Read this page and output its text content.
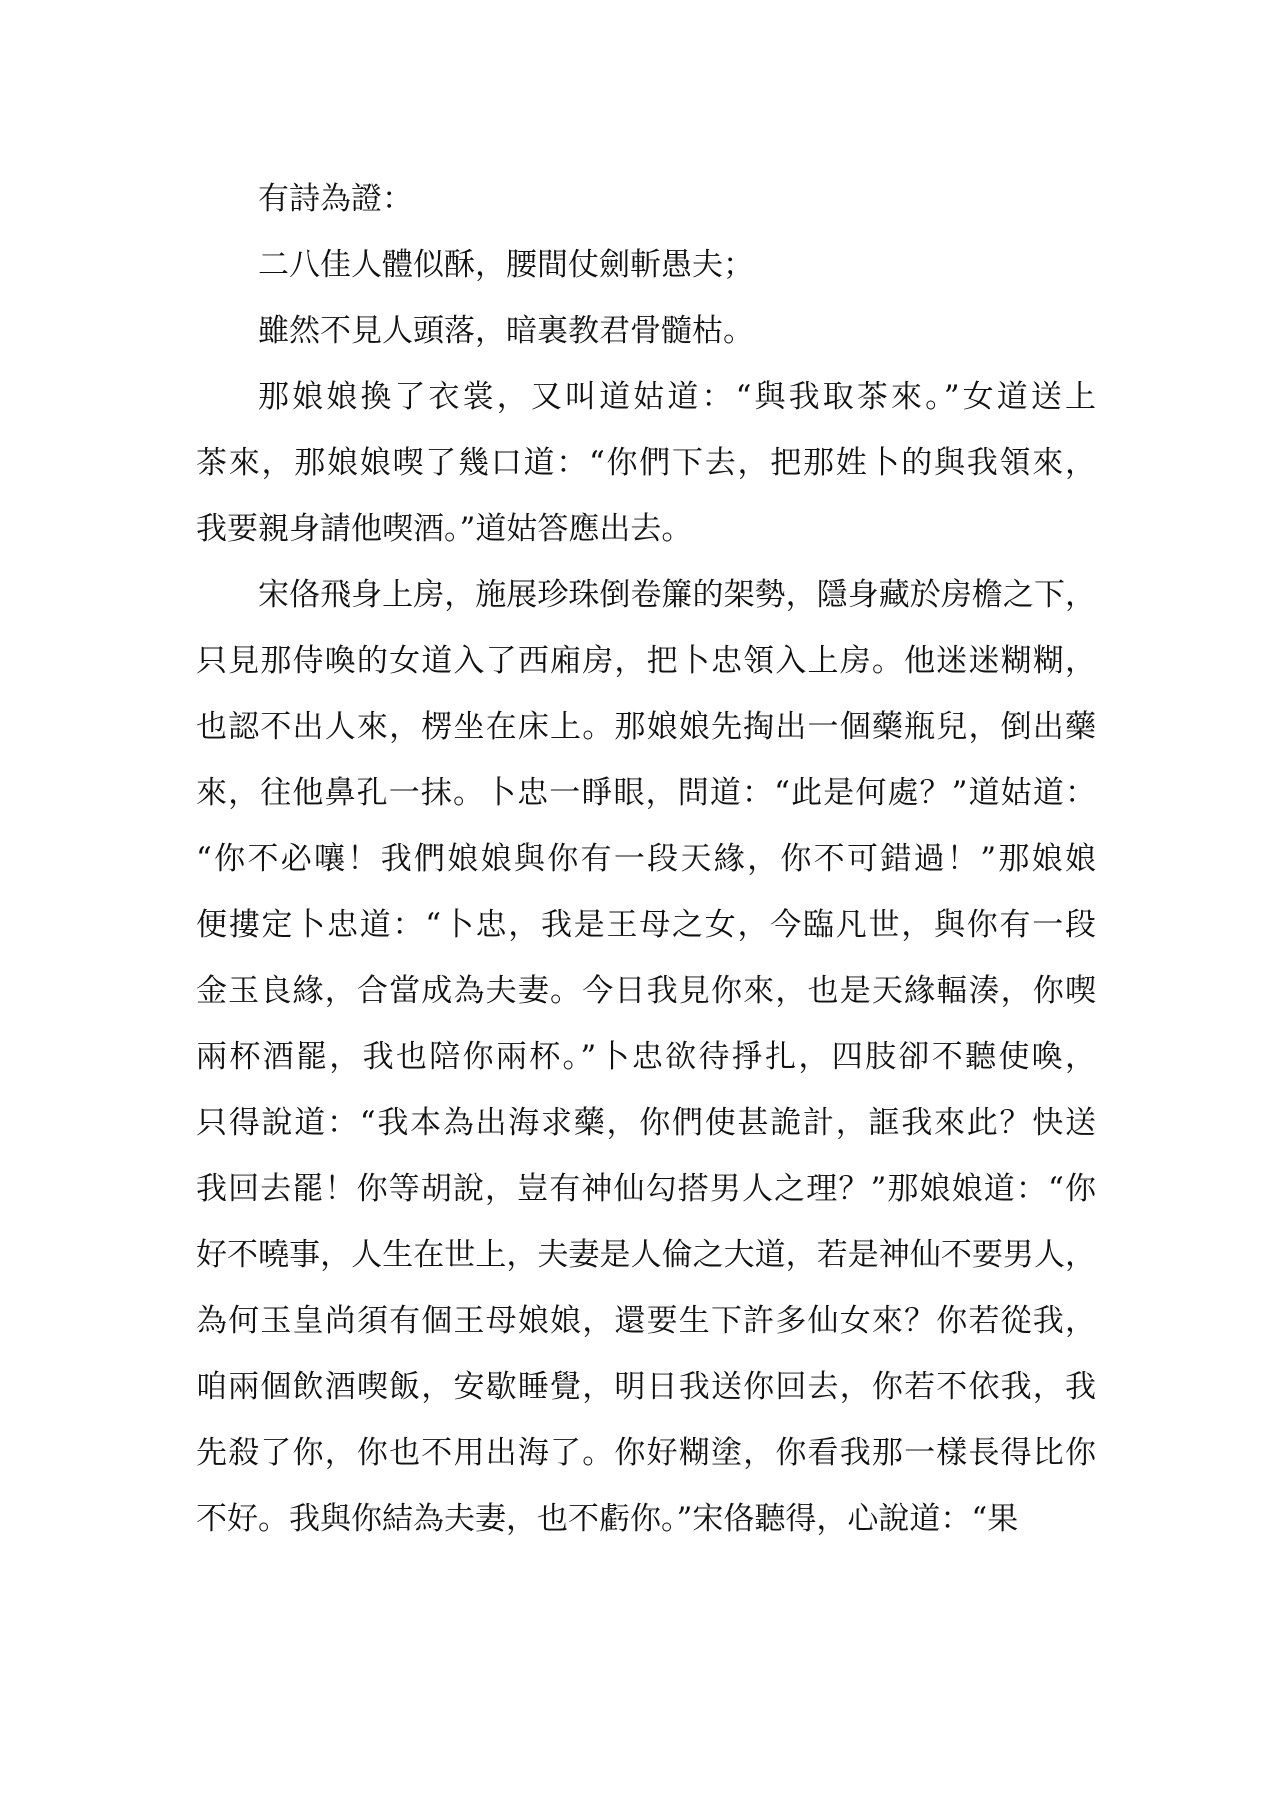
有詩為證：

二八佳人體似酥，腰間仗劍斬愚夫；

雖然不見人頭落，暗裏教君骨髓枯。

那娘娘換了衣裳，又叫道姑道：“與我取茶來。”女道送上

茶來，那娘娘喫了幾口道：“你們下去，把那姓卜的與我領來，

我要親身請他喫酒。”道姑答應出去。

宋佫飛身上房，施展珍珠倒卷簾的架勢，隱身藏於房檐之下，

只見那侍喚的女道入了西廂房，把卜忠領入上房。他迷迷糊糊，

也認不出人來，楞坐在床上。那娘娘先掏出一個藥瓶兒，倒出藥

來，往他鼻孔一抹。卜忠一睜眼，問道：“此是何處？”道姑道：

“你不必嚷！我們娘娘與你有一段天緣，你不可錯過！”那娘娘

便摟定卜忠道：“卜忠，我是王母之女，今臨凡世，與你有一段

金玉良緣，合當成為夫妻。今日我見你來，也是天緣輻湊，你喫

兩杯酒罷，我也陪你兩杯。”卜忠欲待掙扎，四肢卻不聽使喚，

只得說道：“我本為出海求藥，你們使甚詭計，誆我來此？快送

我回去罷！你等胡說，豈有神仙勾搭男人之理？”那娘娘道：“你

好不曉事，人生在世上，夫妻是人倫之大道，若是神仙不要男人，

為何玉皇尚須有個王母娘娘，還要生下許多仙女來？你若從我，

咱兩個飲酒喫飯，安歇睡覺，明日我送你回去，你若不依我，我

先殺了你，你也不用出海了。你好糊塗，你看我那一樣長得比你

不好。我與你結為夫妻，也不虧你。”宋佫聽得，心說道：“果
